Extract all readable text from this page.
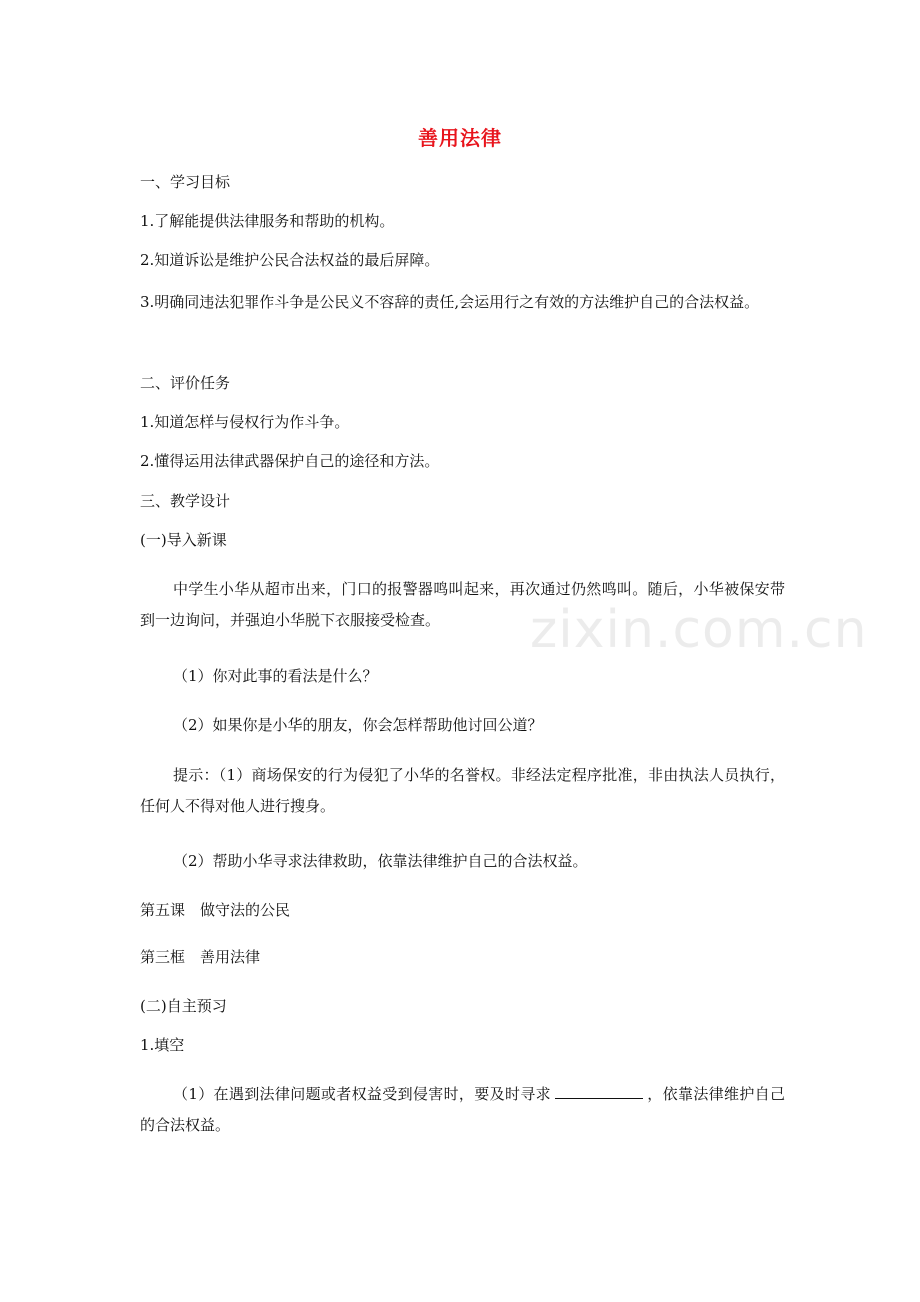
善用法律
一、学习目标
1.了解能提供法律服务和帮助的机构。
2.知道诉讼是维护公民合法权益的最后屏障。
3.明确同违法犯罪作斗争是公民义不容辞的责任,会运用行之有效的方法维护自己的合法权益。
二、评价任务
1.知道怎样与侵权行为作斗争。
2.懂得运用法律武器保护自己的途径和方法。
三、教学设计
(一)导入新课
中学生小华从超市出来，门口的报警器鸣叫起来，再次通过仍然鸣叫。随后，小华被保安带到一边询问，并强迫小华脱下衣服接受检查。
（1）你对此事的看法是什么？
（2）如果你是小华的朋友，你会怎样帮助他讨回公道？
提示：（1）商场保安的行为侵犯了小华的名誉权。非经法定程序批准，非由执法人员执行，任何人不得对他人进行搜身。
（2）帮助小华寻求法律救助，依靠法律维护自己的合法权益。
第五课　做守法的公民
第三框　善用法律
(二)自主预习
1.填空
（1）在遇到法律问题或者权益受到侵害时，要及时寻求	，依靠法律维护自己的合法权益。
zixin.com.cn
